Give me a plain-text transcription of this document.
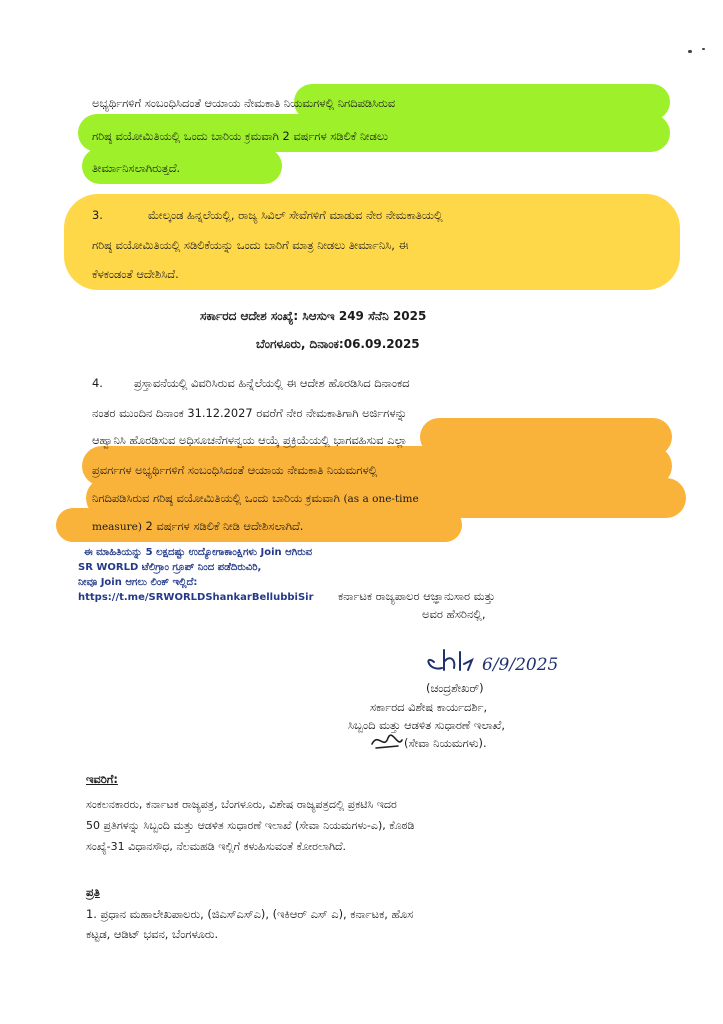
ಅಭ್ಯರ್ಥಿಗಳಿಗೆ ಸಂಬಂಧಿಸಿದಂತೆ ಆಯಾಯ ನೇಮಕಾತಿ ನಿಯಮಗಳಲ್ಲಿ ನಿಗದಿಪಡಿಸಿರುವ
ಗರಿಷ್ಠ ವಯೋಮಿತಿಯಲ್ಲಿ ಒಂದು ಬಾರಿಯ ಕ್ರಮವಾಗಿ 2 ವರ್ಷಗಳ ಸಡಿಲಿಕೆ ನೀಡಲು
ತೀರ್ಮಾನಿಸಲಾಗಿರುತ್ತದೆ.
3.	ಮೇಲ್ಕಂಡ ಹಿನ್ನಲೆಯಲ್ಲಿ, ರಾಜ್ಯ ಸಿವಿಲ್ ಸೇವೆಗಳಿಗೆ ಮಾಡುವ ನೇರ ನೇಮಕಾತಿಯಲ್ಲಿ
ಗರಿಷ್ಠ ವಯೋಮಿತಿಯಲ್ಲಿ ಸಡಿಲಿಕೆಯನ್ನು ಒಂದು ಬಾರಿಗೆ ಮಾತ್ರ ನೀಡಲು ತೀರ್ಮಾನಿಸಿ, ಈ
ಕೆಳಕಂಡಂತೆ ಆದೇಶಿಸಿದೆ.
ಸರ್ಕಾರದ ಆದೇಶ ಸಂಖ್ಯೆ: ಸಿಆಸುಇ 249 ಸೆನೆನಿ 2025
ಬೆಂಗಳೂರು, ದಿನಾಂಕ:06.09.2025
4.	ಪ್ರಸ್ತಾವನೆಯಲ್ಲಿ ವಿವರಿಸಿರುವ ಹಿನ್ನೆಲೆಯಲ್ಲಿ ಈ ಆದೇಶ ಹೊರಡಿಸಿದ ದಿನಾಂಕದ
ನಂತರ ಮುಂದಿನ ದಿನಾಂಕ 31.12.2027 ರವರೆಗೆ ನೇರ ನೇಮಕಾತಿಗಾಗಿ ಅರ್ಜಿಗಳನ್ನು
ಆಹ್ವಾನಿಸಿ ಹೊರಡಿಸುವ ಅಧಿಸೂಚನೆಗಳನ್ವಯ ಆಯ್ಕೆ ಪ್ರಕ್ರಿಯೆಯಲ್ಲಿ ಭಾಗವಹಿಸುವ ಎಲ್ಲಾ
ಪ್ರವರ್ಗಗಳ ಅಭ್ಯರ್ಥಿಗಳಿಗೆ ಸಂಬಂಧಿಸಿದಂತೆ ಆಯಾಯ ನೇಮಕಾತಿ ನಿಯಮಗಳಲ್ಲಿ
ನಿಗದಿಪಡಿಸಿರುವ ಗರಿಷ್ಠ ವಯೋಮಿತಿಯಲ್ಲಿ ಒಂದು ಬಾರಿಯ ಕ್ರಮವಾಗಿ (as a one-time
measure) 2 ವರ್ಷಗಳ ಸಡಿಲಿಕೆ ನೀಡಿ ಆದೇಶಿಸಲಾಗಿದೆ.
ಈ ಮಾಹಿತಿಯನ್ನು 5 ಲಕ್ಷದಷ್ಟು ಉದ್ಯೋಗಾಕಾಂಕ್ಷಿಗಳು Join ಆಗಿರುವ
SR WORLD ಟೆಲಿಗ್ರಾಂ ಗ್ರೂಪ್ ನಿಂದ ಪಡೆದಿರುವಿರಿ,
ನೀವೂ Join ಆಗಲು ಲಿಂಕ್ ಇಲ್ಲಿದೆ:
https://t.me/SRWORLDShankarBellubbiSir ಕರ್ನಾಟಕ ರಾಜ್ಯಪಾಲರ ಆಜ್ಞಾನುಸಾರ ಮತ್ತು
ಅವರ ಹೆಸರಿನಲ್ಲಿ,
6/9/2025
(ಚಂದ್ರಶೇಖರ್)
ಸರ್ಕಾರದ ವಿಶೇಷ ಕಾರ್ಯದರ್ಶಿ,
ಸಿಬ್ಬಂದಿ ಮತ್ತು ಆಡಳಿತ ಸುಧಾರಣೆ ಇಲಾಖೆ,
(ಸೇವಾ ನಿಯಮಗಳು).
ಇವರಿಗೆ:
ಸಂಕಲನಕಾರರು, ಕರ್ನಾಟಕ ರಾಜ್ಯಪತ್ರ, ಬೆಂಗಳೂರು, ವಿಶೇಷ ರಾಜ್ಯಪತ್ರದಲ್ಲಿ ಪ್ರಕಟಿಸಿ ಇದರ
50 ಪ್ರತಿಗಳನ್ನು ಸಿಬ್ಬಂದಿ ಮತ್ತು ಆಡಳಿತ ಸುಧಾರಣೆ ಇಲಾಖೆ (ಸೇವಾ ನಿಯಮಗಳು-ಎ), ಕೊಠಡಿ
ಸಂಖ್ಯೆ-31 ವಿಧಾನಸೌಧ, ನೆಲಮಹಡಿ ಇಲ್ಲಿಗೆ ಕಳುಹಿಸುವಂತೆ ಕೋರಲಾಗಿದೆ.
ಪ್ರತಿ
1. ಪ್ರಧಾನ ಮಹಾಲೇಖಪಾಲರು, (ಜಿಎಸ್ಎಸ್ಎ), (ಇಕಿಆರ್ ಎಸ್ ಎ), ಕರ್ನಾಟಕ, ಹೊಸ
ಕಟ್ಟಡ, ಆಡಿಟ್ ಭವನ, ಬೆಂಗಳೂರು.
